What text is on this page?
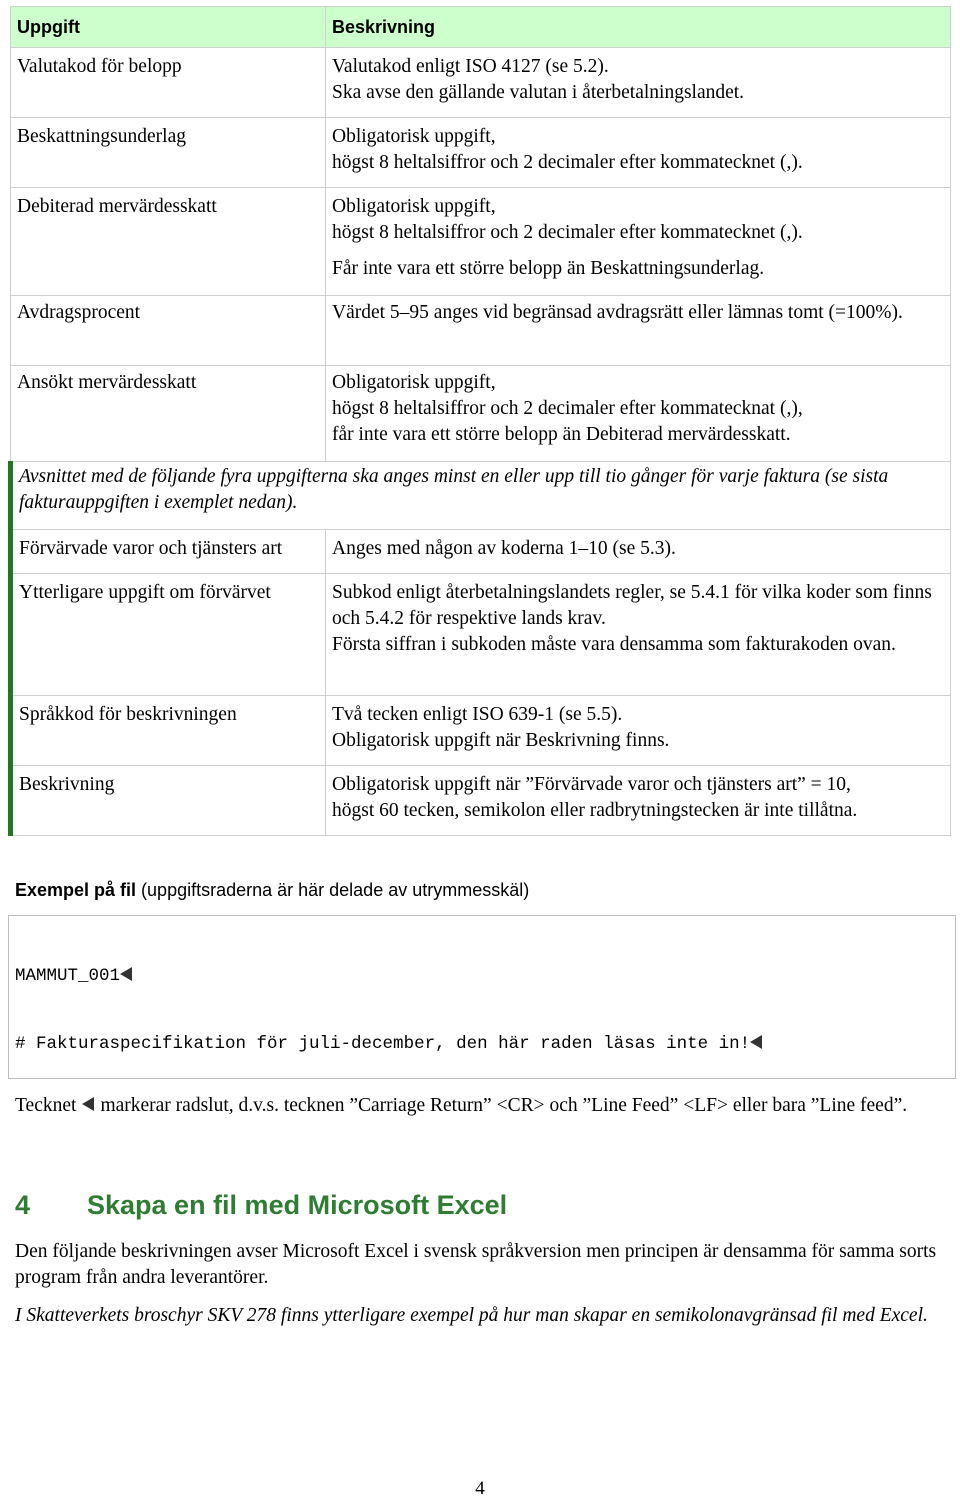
Uppgift	Beskrivning
Valutakod för belopp	Valutakod enligt ISO 4127 (se 5.2).
Ska avse den gällande valutan i återbetalningslandet.

Beskattningsunderlag	Obligatorisk uppgift,
högst 8 heltalsiffror och 2 decimaler efter kommatecknet (,).

Debiterad mervärdesskatt	Obligatorisk uppgift,
högst 8 heltalsiffror och 2 decimaler efter kommatecknet (,).
Får inte vara ett större belopp än Beskattningsunderlag.

Avdragsprocent	Värdet 5–95 anges vid begränsad avdragsrätt eller lämnas tomt (=100%).

Ansökt mervärdesskatt	Obligatorisk uppgift,
högst 8 heltalsiffror och 2 decimaler efter kommatecknat (,),
får inte vara ett större belopp än Debiterad mervärdesskatt.

Avsnittet med de följande fyra uppgifterna ska anges minst en eller upp till tio gånger för varje faktura (se sista fakturauppgiften i exemplet nedan).	
Förvärvade varor och tjänsters art	Anges med någon av koderna 1–10 (se 5.3).

Ytterligare uppgift om förvärvet	Subkod enligt återbetalningslandets regler, se 5.4.1 för vilka koder som finns och 5.4.2 för respektive lands krav.
Första siffran i subkoden måste vara densamma som fakturakoden ovan.

Språkkod för beskrivningen	Två tecken enligt ISO 639-1 (se 5.5).
Obligatorisk uppgift när Beskrivning finns.

Beskrivning	Obligatorisk uppgift när ”Förvärvade varor och tjänsters art” = 10,
högst 60 tecken, semikolon eller radbrytningstecken är inte tillåtna.
Exempel på fil (uppgiftsraderna är här delade av utrymmesskäl)

MAMMUT_001

# Fakturaspecifikation för juli-december, den här raden läsas inte in!

Tecknet markerar radslut, d.v.s. tecknen ”Carriage Return” <CR> och ”Line Feed” <LF> eller bara ”Line feed”.
4 Skapa en fil med Microsoft Excel
Den följande beskrivningen avser Microsoft Excel i svensk språkversion men principen är densamma för samma sorts program från andra leverantörer.
I Skatteverkets broschyr SKV 278 finns ytterligare exempel på hur man skapar en semikolonavgränsad fil med Excel.
4
